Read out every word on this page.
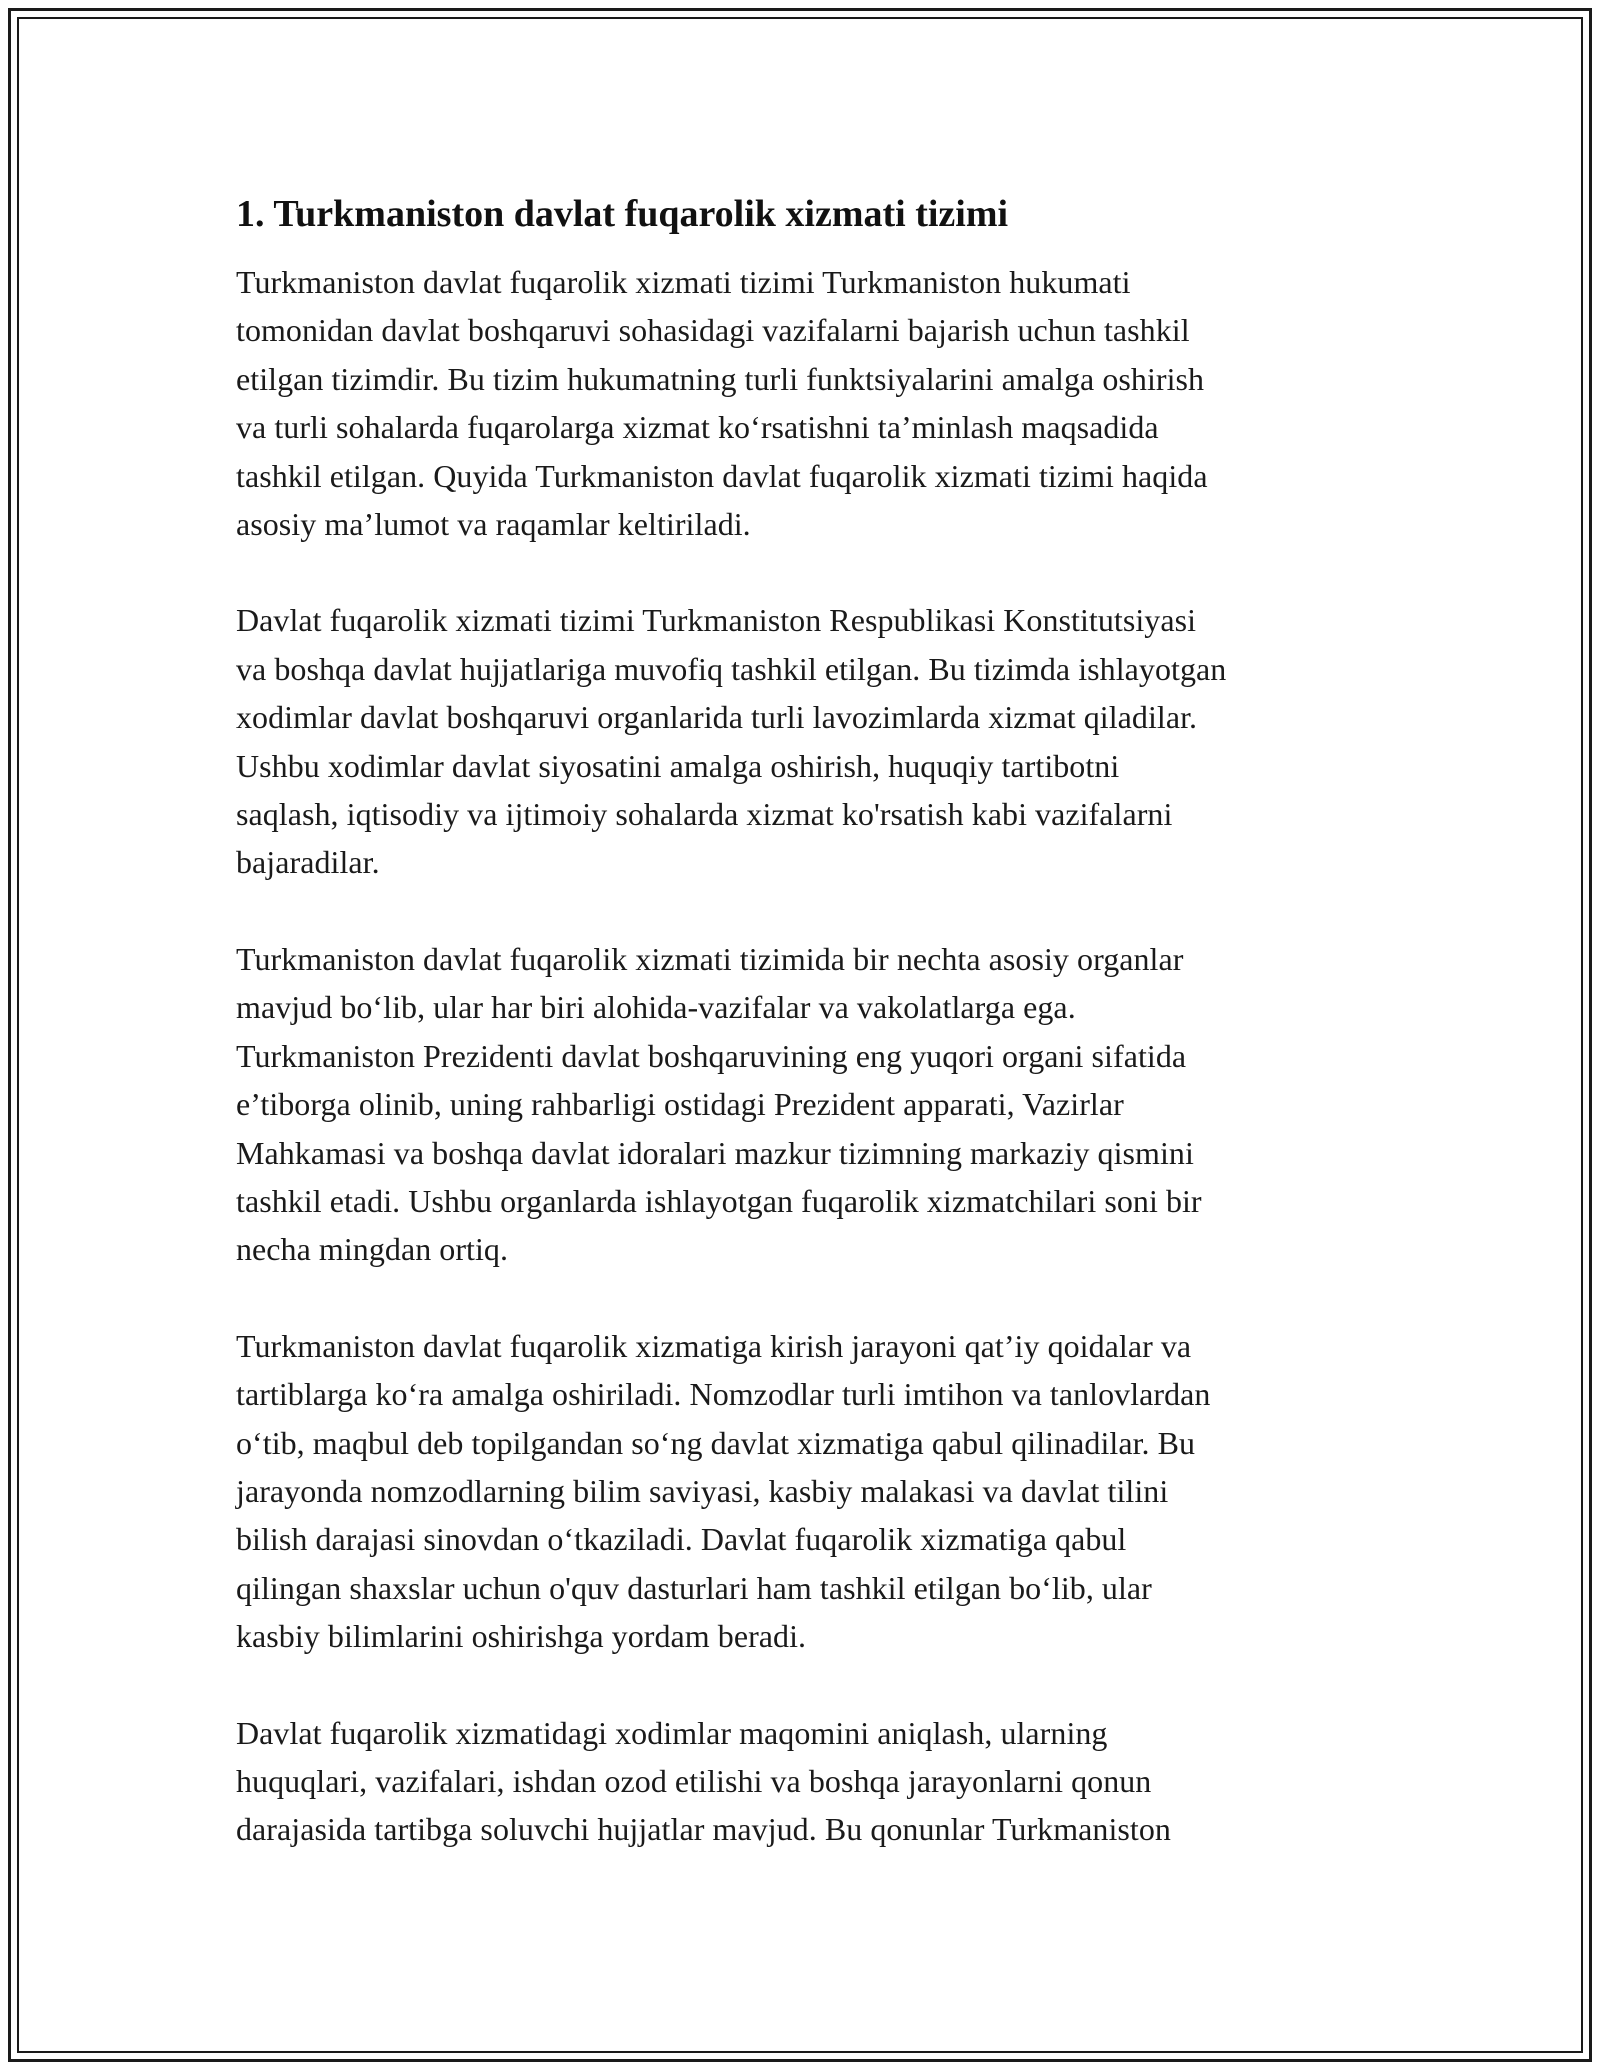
1. Turkmaniston davlat fuqarolik xizmati tizimi
Turkmaniston davlat fuqarolik xizmati tizimi Turkmaniston hukumati
tomonidan davlat boshqaruvi sohasidagi vazifalarni bajarish uchun tashkil
etilgan tizimdir. Bu tizim hukumatning turli funktsiyalarini amalga oshirish
va turli sohalarda fuqarolarga xizmat ko‘rsatishni ta’minlash maqsadida
tashkil etilgan. Quyida Turkmaniston davlat fuqarolik xizmati tizimi haqida
asosiy ma’lumot va raqamlar keltiriladi.
Davlat fuqarolik xizmati tizimi Turkmaniston Respublikasi Konstitutsiyasi
va boshqa davlat hujjatlariga muvofiq tashkil etilgan. Bu tizimda ishlayotgan
xodimlar davlat boshqaruvi organlarida turli lavozimlarda xizmat qiladilar.
Ushbu xodimlar davlat siyosatini amalga oshirish, huquqiy tartibotni
saqlash, iqtisodiy va ijtimoiy sohalarda xizmat ko'rsatish kabi vazifalarni
bajaradilar.
Turkmaniston davlat fuqarolik xizmati tizimida bir nechta asosiy organlar
mavjud bo‘lib, ular har biri alohida-vazifalar va vakolatlarga ega.
Turkmaniston Prezidenti davlat boshqaruvining eng yuqori organi sifatida
e’tiborga olinib, uning rahbarligi ostidagi Prezident apparati, Vazirlar
Mahkamasi va boshqa davlat idoralari mazkur tizimning markaziy qismini
tashkil etadi. Ushbu organlarda ishlayotgan fuqarolik xizmatchilari soni bir
necha mingdan ortiq.
Turkmaniston davlat fuqarolik xizmatiga kirish jarayoni qat’iy qoidalar va
tartiblarga ko‘ra amalga oshiriladi. Nomzodlar turli imtihon va tanlovlardan
o‘tib, maqbul deb topilgandan so‘ng davlat xizmatiga qabul qilinadilar. Bu
jarayonda nomzodlarning bilim saviyasi, kasbiy malakasi va davlat tilini
bilish darajasi sinovdan o‘tkaziladi. Davlat fuqarolik xizmatiga qabul
qilingan shaxslar uchun o'quv dasturlari ham tashkil etilgan bo‘lib, ular
kasbiy bilimlarini oshirishga yordam beradi.
Davlat fuqarolik xizmatidagi xodimlar maqomini aniqlash, ularning
huquqlari, vazifalari, ishdan ozod etilishi va boshqa jarayonlarni qonun
darajasida tartibga soluvchi hujjatlar mavjud. Bu qonunlar Turkmaniston
